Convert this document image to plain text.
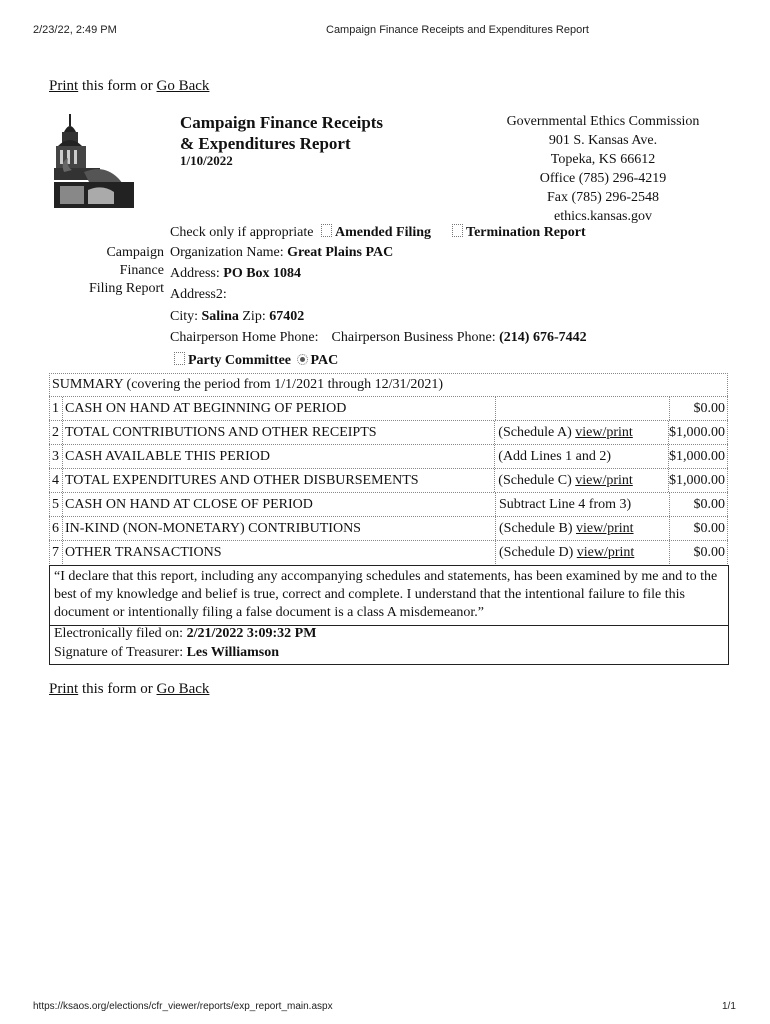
2/23/22, 2:49 PM	Campaign Finance Receipts and Expenditures Report
Print this form or Go Back
Campaign Finance Receipts
& Expenditures Report
1/10/2022
Governmental Ethics Commission
901 S. Kansas Ave.
Topeka, KS 66612
Office (785) 296-4219
Fax (785) 296-2548
ethics.kansas.gov
Check only if appropriate Amended Filing	Termination Report
Campaign
Finance
Filing Report
Organization Name: Great Plains PAC
Address: PO Box 1084
Address2:
City: Salina Zip: 67402
Chairperson Home Phone: Chairperson Business Phone: (214) 676-7442
Party Committee PAC
SUMMARY (covering the period from 1/1/2021 through 12/31/2021)
1 CASH ON HAND AT BEGINNING OF PERIOD	$0.00
2 TOTAL CONTRIBUTIONS AND OTHER RECEIPTS	(Schedule A) view/print	$1,000.00
3 CASH AVAILABLE THIS PERIOD	(Add Lines 1 and 2)	$1,000.00
4 TOTAL EXPENDITURES AND OTHER DISBURSEMENTS	(Schedule C) view/print	$1,000.00
5 CASH ON HAND AT CLOSE OF PERIOD	Subtract Line 4 from 3)	$0.00
6 IN-KIND (NON-MONETARY) CONTRIBUTIONS	(Schedule B) view/print	$0.00
7 OTHER TRANSACTIONS	(Schedule D) view/print	$0.00
“I declare that this report, including any accompanying schedules and statements, has been examined by me and to the best of my knowledge and belief is true, correct and complete. I understand that the intentional failure to file this document or intentionally filing a false document is a class A misdemeanor.”
Electronically filed on: 2/21/2022 3:09:32 PM
Signature of Treasurer: Les Williamson
Print this form or Go Back
https://ksaos.org/elections/cfr_viewer/reports/exp_report_main.aspx	1/1
